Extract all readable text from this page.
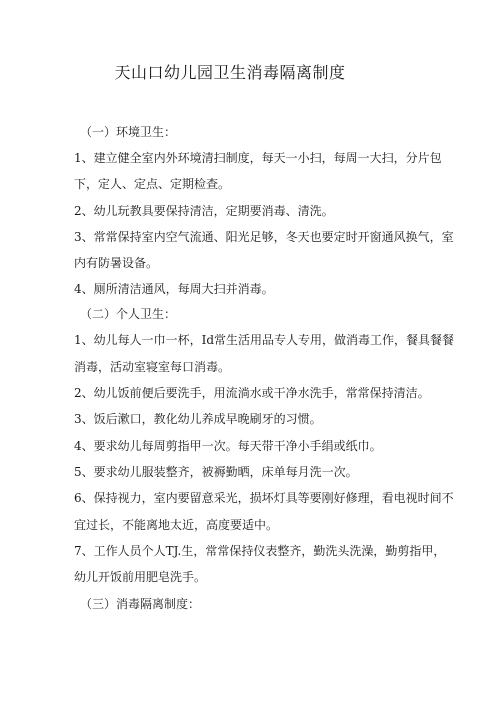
天山口幼儿园卫生消毒隔离制度
（一）环境卫生：
1、建立健全室内外环境清扫制度，每天一小扫，每周一大扫，分片包
下，定人、定点、定期检查。
2、幼儿玩教具要保持清洁，定期要消毒、清洗。
3、常常保持室内空气流通、阳光足够，冬天也要定时开窗通风换气，室
内有防暑设备。
4、厕所清洁通风，每周大扫并消毒。
（二）个人卫生：
1、幼儿每人一巾一杯，Id常生活用品专人专用，做消毒工作，餐具餐餐
消毒，活动室寝室每口消毒。
2、幼儿饭前便后要洗手，用流淌水或干净水洗手，常常保持清洁。
3、饭后漱口，教化幼儿养成早晚刷牙的习惯。
4、要求幼儿每周剪指甲一次。每天带干净小手绢或纸巾。
5、要求幼儿服装整齐，被褥勤晒，床单每月洗一次。
6、保持视力，室内要留意采光，损坏灯具等要刚好修理，看电视时间不
宜过长，不能离地太近，高度要适中。
7、工作人员个人TJ.生，常常保持仪表整齐，勤洗头洗澡，勤剪指甲，
幼儿开饭前用肥皂洗手。
（三）消毒隔离制度：
